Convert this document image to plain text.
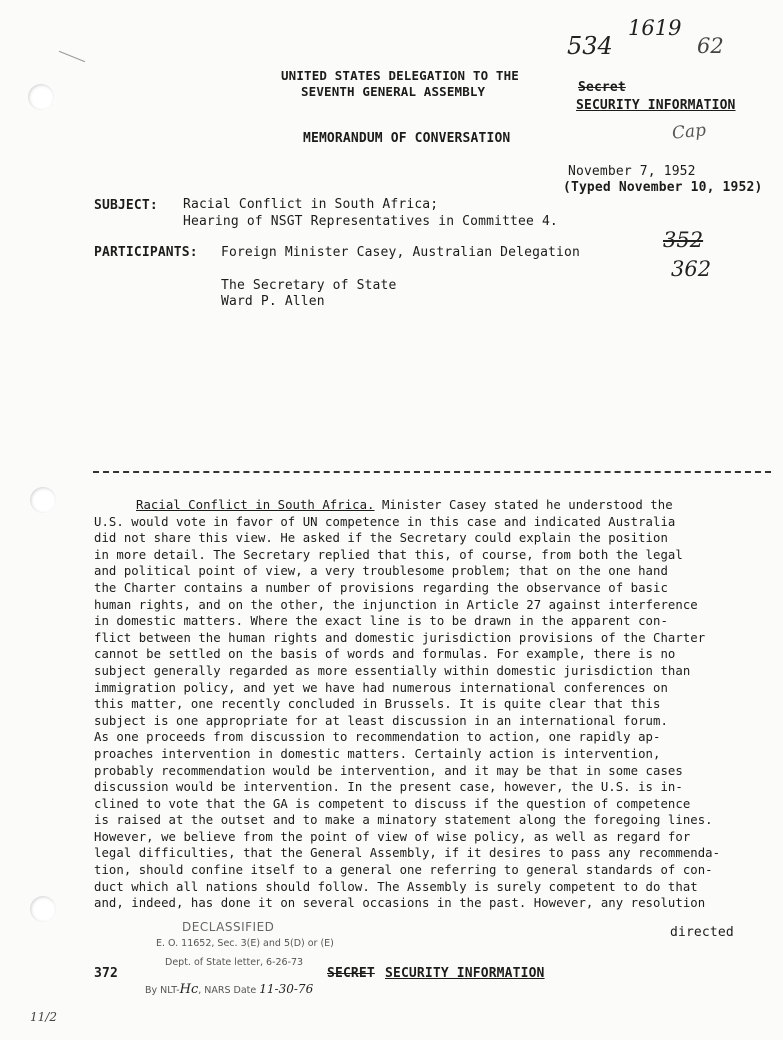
534
1619
62
UNITED STATES DELEGATION TO THE
SEVENTH GENERAL ASSEMBLY	Secret
SECURITY INFORMATION
MEMORANDUM OF CONVERSATION	Cap
November 7, 1952
(Typed November 10, 1952)
SUBJECT: Racial Conflict in South Africa;
Hearing of NSGT Representatives in Committee 4.
PARTICIPANTS: Foreign Minister Casey, Australian Delegation
The Secretary of State
Ward P. Allen
352
362
Racial Conflict in South Africa. Minister Casey stated he understood the
U.S. would vote in favor of UN competence in this case and indicated Australia
did not share this view. He asked if the Secretary could explain the position
in more detail. The Secretary replied that this, of course, from both the legal
and political point of view, a very troublesome problem; that on the one hand
the Charter contains a number of provisions regarding the observance of basic
human rights, and on the other, the injunction in Article 27 against interference
in domestic matters. Where the exact line is to be drawn in the apparent con-
flict between the human rights and domestic jurisdiction provisions of the Charter
cannot be settled on the basis of words and formulas. For example, there is no
subject generally regarded as more essentially within domestic jurisdiction than
immigration policy, and yet we have had numerous international conferences on
this matter, one recently concluded in Brussels. It is quite clear that this
subject is one appropriate for at least discussion in an international forum.
As one proceeds from discussion to recommendation to action, one rapidly ap-
proaches intervention in domestic matters. Certainly action is intervention,
probably recommendation would be intervention, and it may be that in some cases
discussion would be intervention. In the present case, however, the U.S. is in-
clined to vote that the GA is competent to discuss if the question of competence
is raised at the outset and to make a minatory statement along the foregoing lines.
However, we believe from the point of view of wise policy, as well as regard for
legal difficulties, that the General Assembly, if it desires to pass any recommenda-
tion, should confine itself to a general one referring to general standards of con-
duct which all nations should follow. The Assembly is surely competent to do that
and, indeed, has done it on several occasions in the past. However, any resolution
directed
DECLASSIFIED
E. O. 11652, Sec. 3(E) and 5(D) or (E)
Dept. of State letter, 6-26-73
By NLT-Hc, NARS Date 11-30-76
372	SECRET SECURITY INFORMATION
11/2
